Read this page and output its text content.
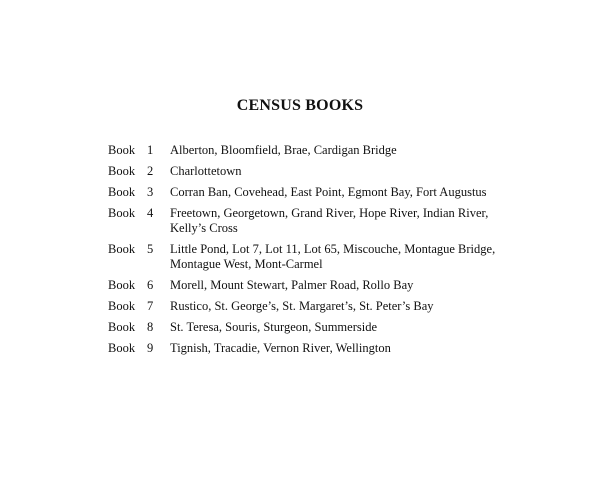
CENSUS BOOKS
Book 1	Alberton, Bloomfield, Brae, Cardigan Bridge
Book 2	Charlottetown
Book 3	Corran Ban, Covehead, East Point, Egmont Bay, Fort Augustus
Book 4	Freetown, Georgetown, Grand River, Hope River, Indian River,
Kelly’s Cross
Book 5	Little Pond, Lot 7, Lot 11, Lot 65, Miscouche, Montague Bridge,
Montague West, Mont-Carmel
Book 6	Morell, Mount Stewart, Palmer Road, Rollo Bay
Book 7	Rustico, St. George’s, St. Margaret’s, St. Peter’s Bay
Book 8	St. Teresa, Souris, Sturgeon, Summerside
Book 9	Tignish, Tracadie, Vernon River, Wellington
